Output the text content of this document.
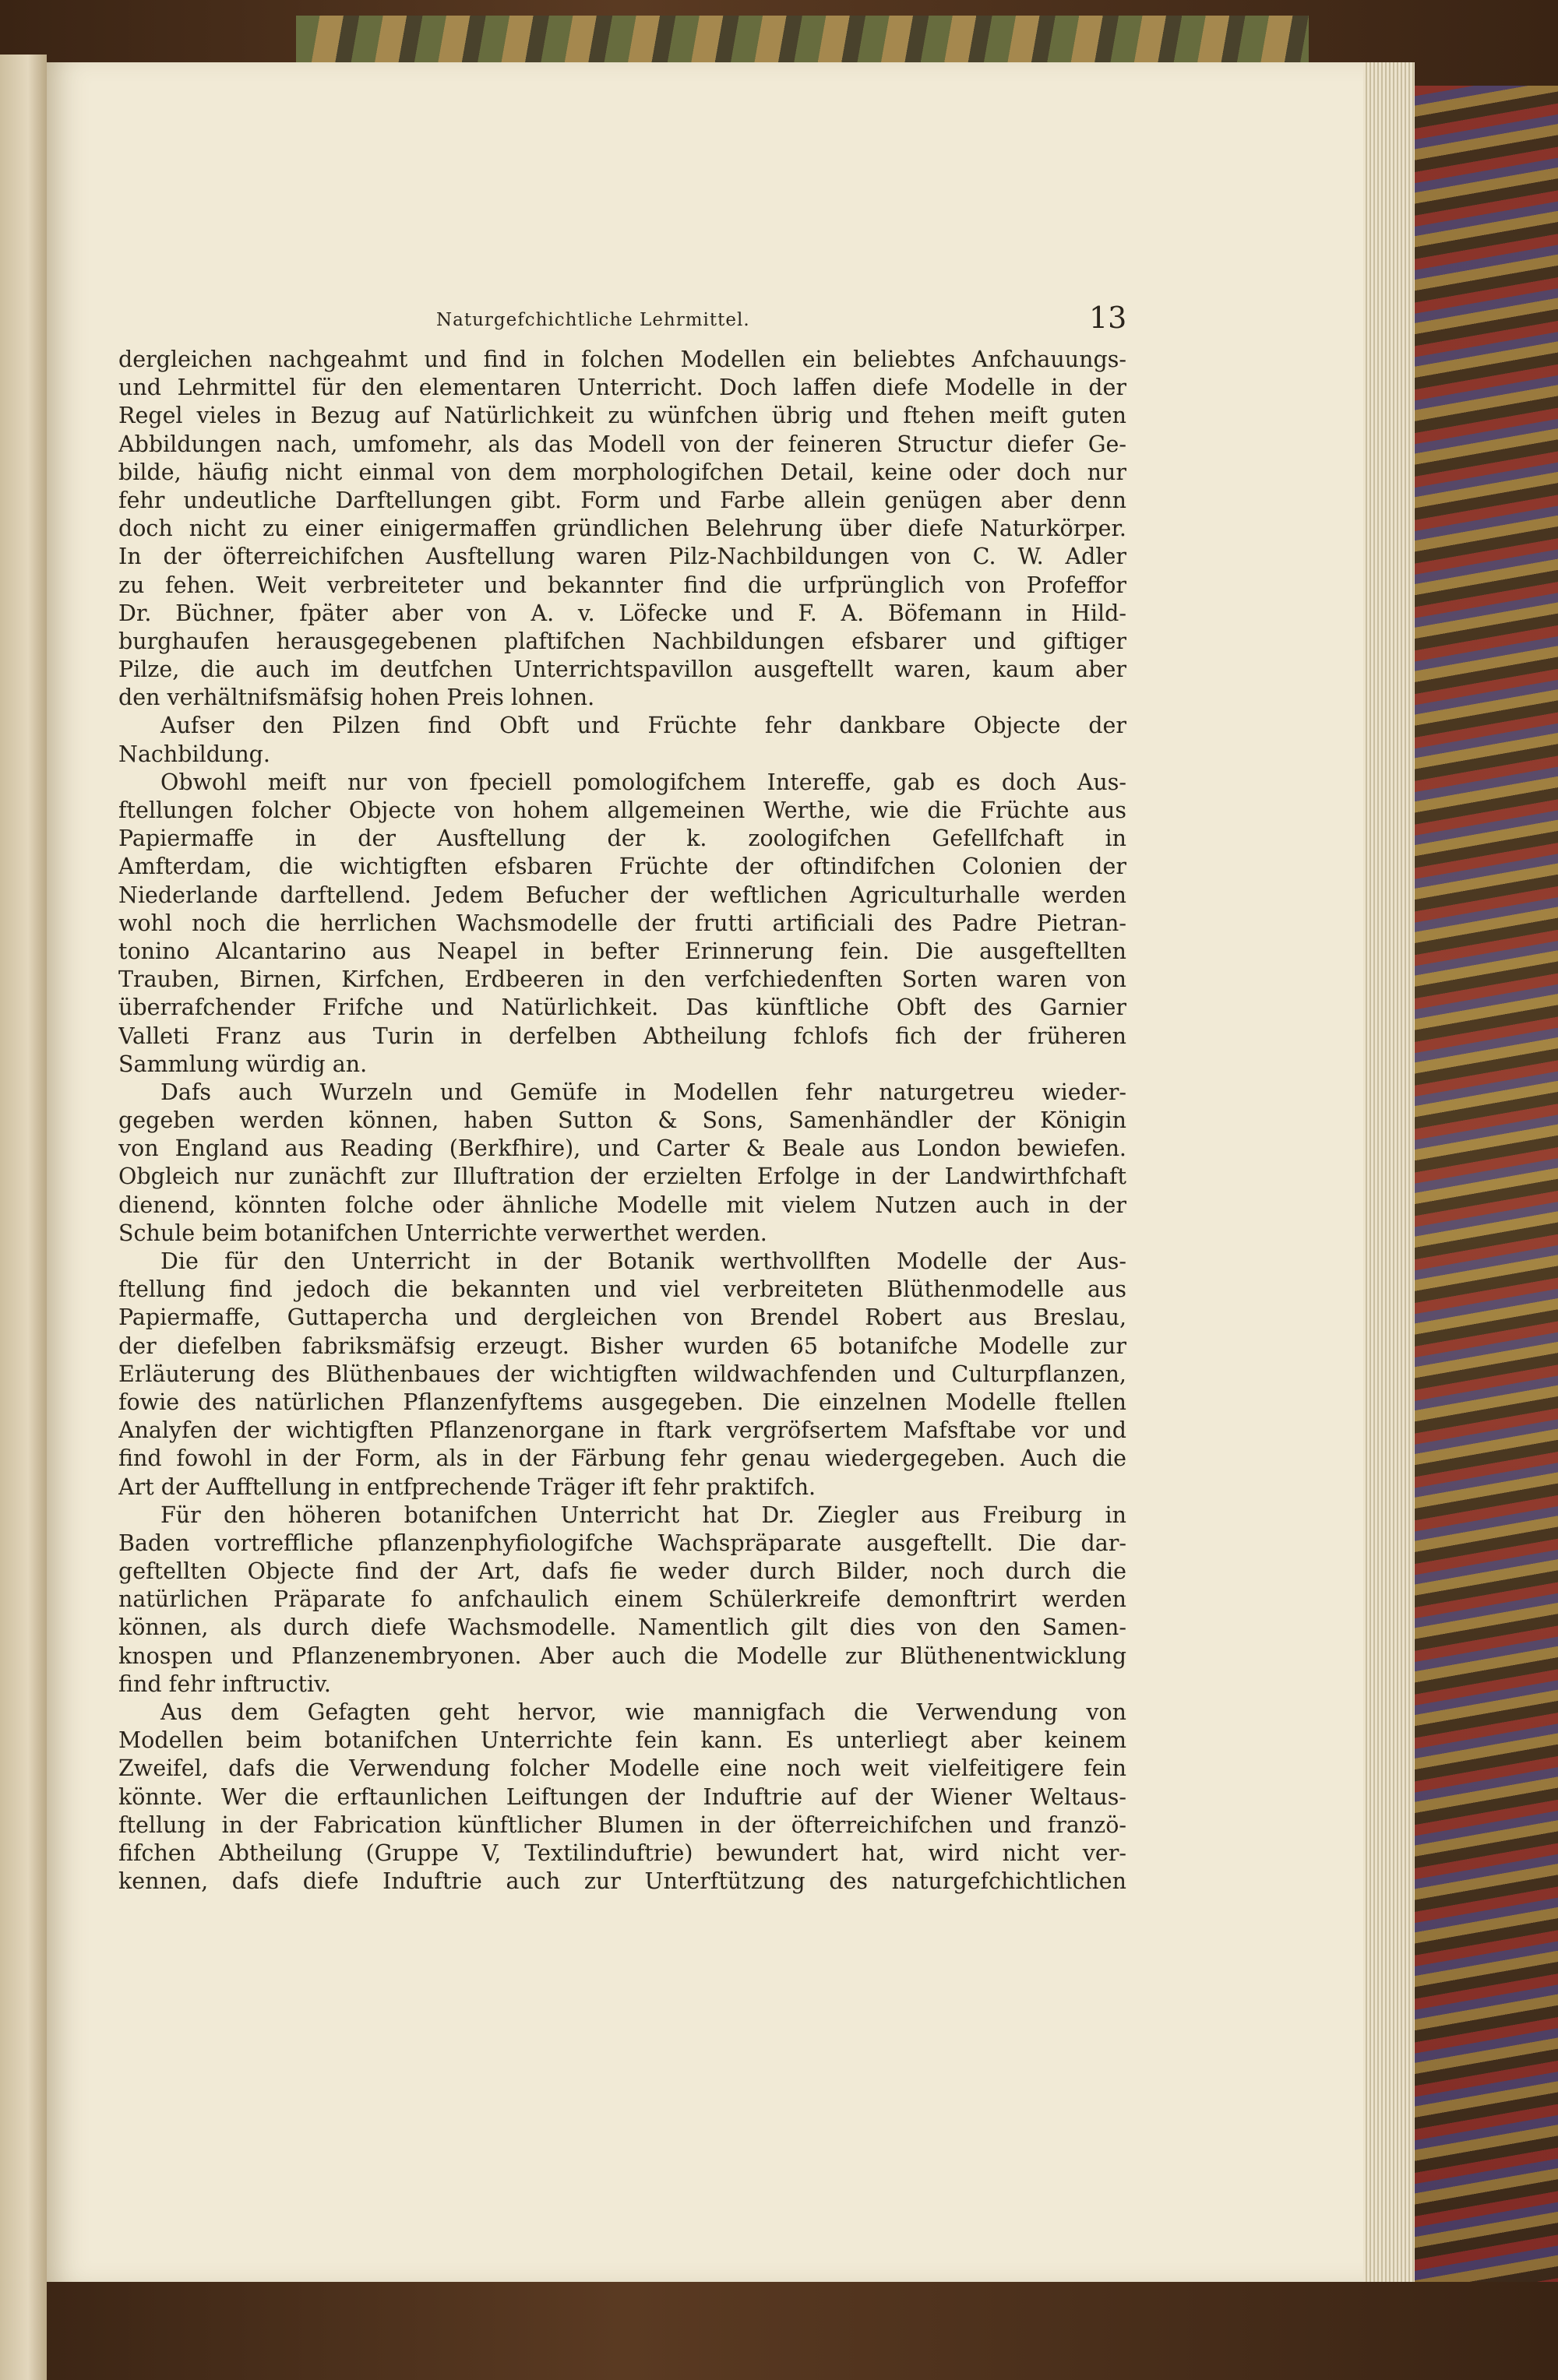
Naturgefchichtliche Lehrmittel.	13
dergleichen nachgeahmt und find in folchen Modellen ein beliebtes Anfchauungs-
und Lehrmittel für den elementaren Unterricht. Doch laffen diefe Modelle in der
Regel vieles in Bezug auf Natürlichkeit zu wünfchen übrig und ftehen meift guten
Abbildungen nach, umfomehr, als das Modell von der feineren Structur diefer Ge-
bilde, häufig nicht einmal von dem morphologifchen Detail, keine oder doch nur
fehr undeutliche Darftellungen gibt. Form und Farbe allein genügen aber denn
doch nicht zu einer einigermaffen gründlichen Belehrung über diefe Naturkörper.
In der öfterreichifchen Ausftellung waren Pilz-Nachbildungen von C. W. Adler
zu fehen. Weit verbreiteter und bekannter find die urfprünglich von Profeffor
Dr. Büchner, fpäter aber von A. v. Löfecke und F. A. Böfemann in Hild-
burghaufen herausgegebenen plaftifchen Nachbildungen efsbarer und giftiger
Pilze, die auch im deutfchen Unterrichtspavillon ausgeftellt waren, kaum aber
den verhältnifsmäfsig hohen Preis lohnen.
Aufser den Pilzen find Obft und Früchte fehr dankbare Objecte der
Nachbildung.
Obwohl meift nur von fpeciell pomologifchem Intereffe, gab es doch Aus-
ftellungen folcher Objecte von hohem allgemeinen Werthe, wie die Früchte aus
Papiermaffe in der Ausftellung der k. zoologifchen Gefellfchaft in
Amfterdam, die wichtigften efsbaren Früchte der oftindifchen Colonien der
Niederlande darftellend. Jedem Befucher der weftlichen Agriculturhalle werden
wohl noch die herrlichen Wachsmodelle der frutti artificiali des Padre Pietran-
tonino Alcantarino aus Neapel in befter Erinnerung fein. Die ausgeftellten
Trauben, Birnen, Kirfchen, Erdbeeren in den verfchiedenften Sorten waren von
überrafchender Frifche und Natürlichkeit. Das künftliche Obft des Garnier
Valleti Franz aus Turin in derfelben Abtheilung fchlofs fich der früheren
Sammlung würdig an.
Dafs auch Wurzeln und Gemüfe in Modellen fehr naturgetreu wieder-
gegeben werden können, haben Sutton & Sons, Samenhändler der Königin
von England aus Reading (Berkfhire), und Carter & Beale aus London bewiefen.
Obgleich nur zunächft zur Illuftration der erzielten Erfolge in der Landwirthfchaft
dienend, könnten folche oder ähnliche Modelle mit vielem Nutzen auch in der
Schule beim botanifchen Unterrichte verwerthet werden.
Die für den Unterricht in der Botanik werthvollften Modelle der Aus-
ftellung find jedoch die bekannten und viel verbreiteten Blüthenmodelle aus
Papiermaffe, Guttapercha und dergleichen von Brendel Robert aus Breslau,
der diefelben fabriksmäfsig erzeugt. Bisher wurden 65 botanifche Modelle zur
Erläuterung des Blüthenbaues der wichtigften wildwachfenden und Culturpflanzen,
fowie des natürlichen Pflanzenfyftems ausgegeben. Die einzelnen Modelle ftellen
Analyfen der wichtigften Pflanzenorgane in ftark vergröfsertem Mafsftabe vor und
find fowohl in der Form, als in der Färbung fehr genau wiedergegeben. Auch die
Art der Aufftellung in entfprechende Träger ift fehr praktifch.
Für den höheren botanifchen Unterricht hat Dr. Ziegler aus Freiburg in
Baden vortreffliche pflanzenphyfiologifche Wachspräparate ausgeftellt. Die dar-
geftellten Objecte find der Art, dafs fie weder durch Bilder, noch durch die
natürlichen Präparate fo anfchaulich einem Schülerkreife demonftrirt werden
können, als durch diefe Wachsmodelle. Namentlich gilt dies von den Samen-
knospen und Pflanzenembryonen. Aber auch die Modelle zur Blüthenentwicklung
find fehr inftructiv.
Aus dem Gefagten geht hervor, wie mannigfach die Verwendung von
Modellen beim botanifchen Unterrichte fein kann. Es unterliegt aber keinem
Zweifel, dafs die Verwendung folcher Modelle eine noch weit vielfeitigere fein
könnte. Wer die erftaunlichen Leiftungen der Induftrie auf der Wiener Weltaus-
ftellung in der Fabrication künftlicher Blumen in der öfterreichifchen und franzö-
fifchen Abtheilung (Gruppe V, Textilinduftrie) bewundert hat, wird nicht ver-
kennen, dafs diefe Induftrie auch zur Unterftützung des naturgefchichtlichen
